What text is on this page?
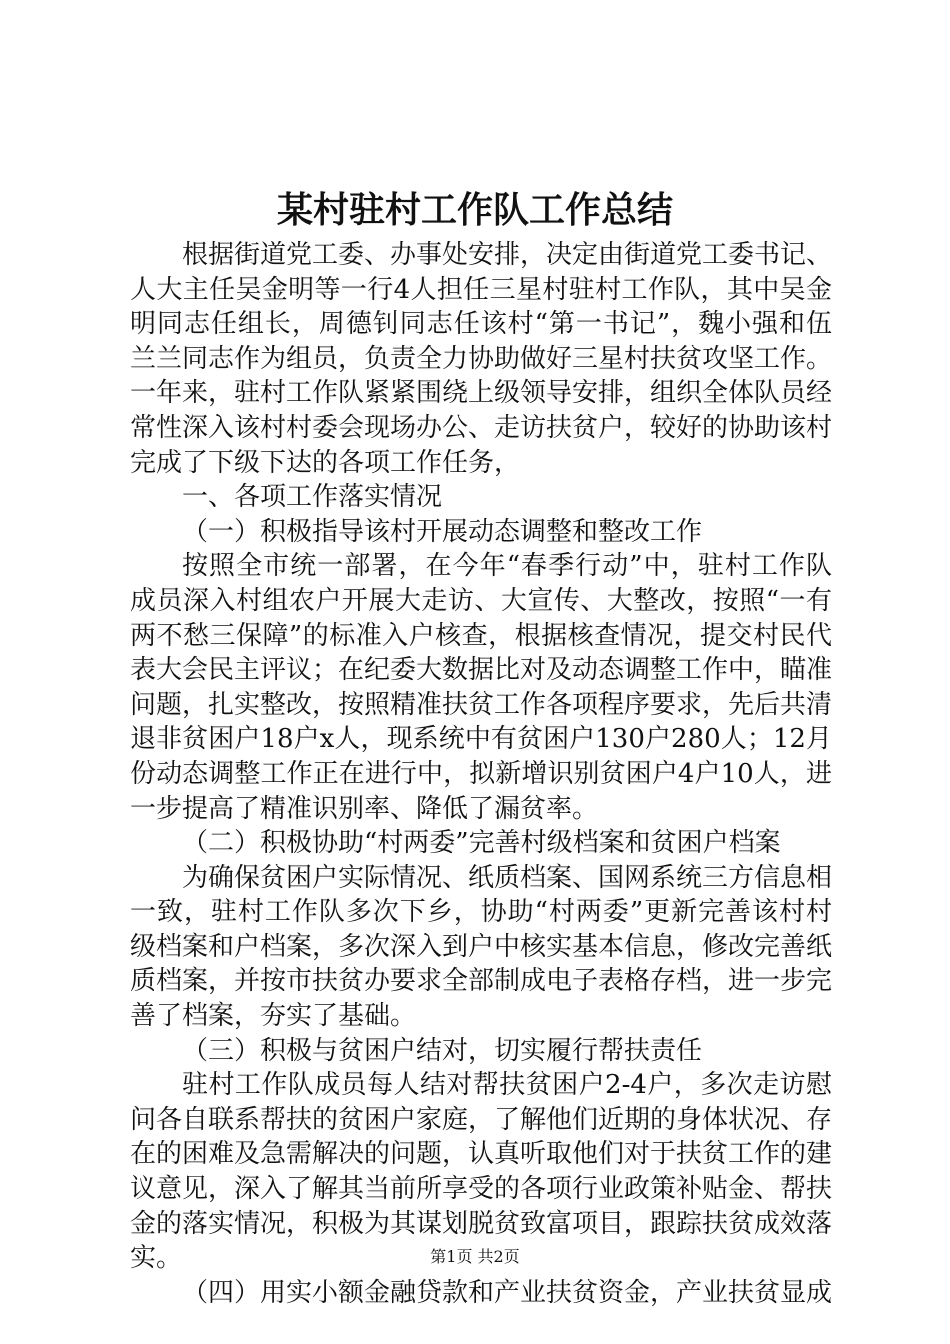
某村驻村工作队工作总结

根据街道党工委、办事处安排，决定由街道党工委书记、人大主任吴金明等一行4人担任三星村驻村工作队，其中吴金明同志任组长，周德钊同志任该村“第一书记”，魏小强和伍兰兰同志作为组员，负责全力协助做好三星村扶贫攻坚工作。一年来，驻村工作队紧紧围绕上级领导安排，组织全体队员经常性深入该村村委会现场办公、走访扶贫户，较好的协助该村完成了下级下达的各项工作任务，

一、各项工作落实情况

（一）积极指导该村开展动态调整和整改工作

按照全市统一部署，在今年“春季行动”中，驻村工作队成员深入村组农户开展大走访、大宣传、大整改，按照“一有两不愁三保障”的标准入户核查，根据核查情况，提交村民代表大会民主评议；在纪委大数据比对及动态调整工作中，瞄准问题，扎实整改，按照精准扶贫工作各项程序要求，先后共清退非贫困户18户x人，现系统中有贫困户130户280人；12月份动态调整工作正在进行中，拟新增识别贫困户4户10人，进一步提高了精准识别率、降低了漏贫率。

（二）积极协助“村两委”完善村级档案和贫困户档案

为确保贫困户实际情况、纸质档案、国网系统三方信息相一致，驻村工作队多次下乡，协助“村两委”更新完善该村村级档案和户档案，多次深入到户中核实基本信息，修改完善纸质档案，并按市扶贫办要求全部制成电子表格存档，进一步完善了档案，夯实了基础。

（三）积极与贫困户结对，切实履行帮扶责任

驻村工作队成员每人结对帮扶贫困户2-4户，多次走访慰问各自联系帮扶的贫困户家庭，了解他们近期的身体状况、存在的困难及急需解决的问题，认真听取他们对于扶贫工作的建议意见，深入了解其当前所享受的各项行业政策补贴金、帮扶金的落实情况，积极为其谋划脱贫致富项目，跟踪扶贫成效落实。

（四）用实小额金融贷款和产业扶贫资金，产业扶贫显成

第1页 共2页
